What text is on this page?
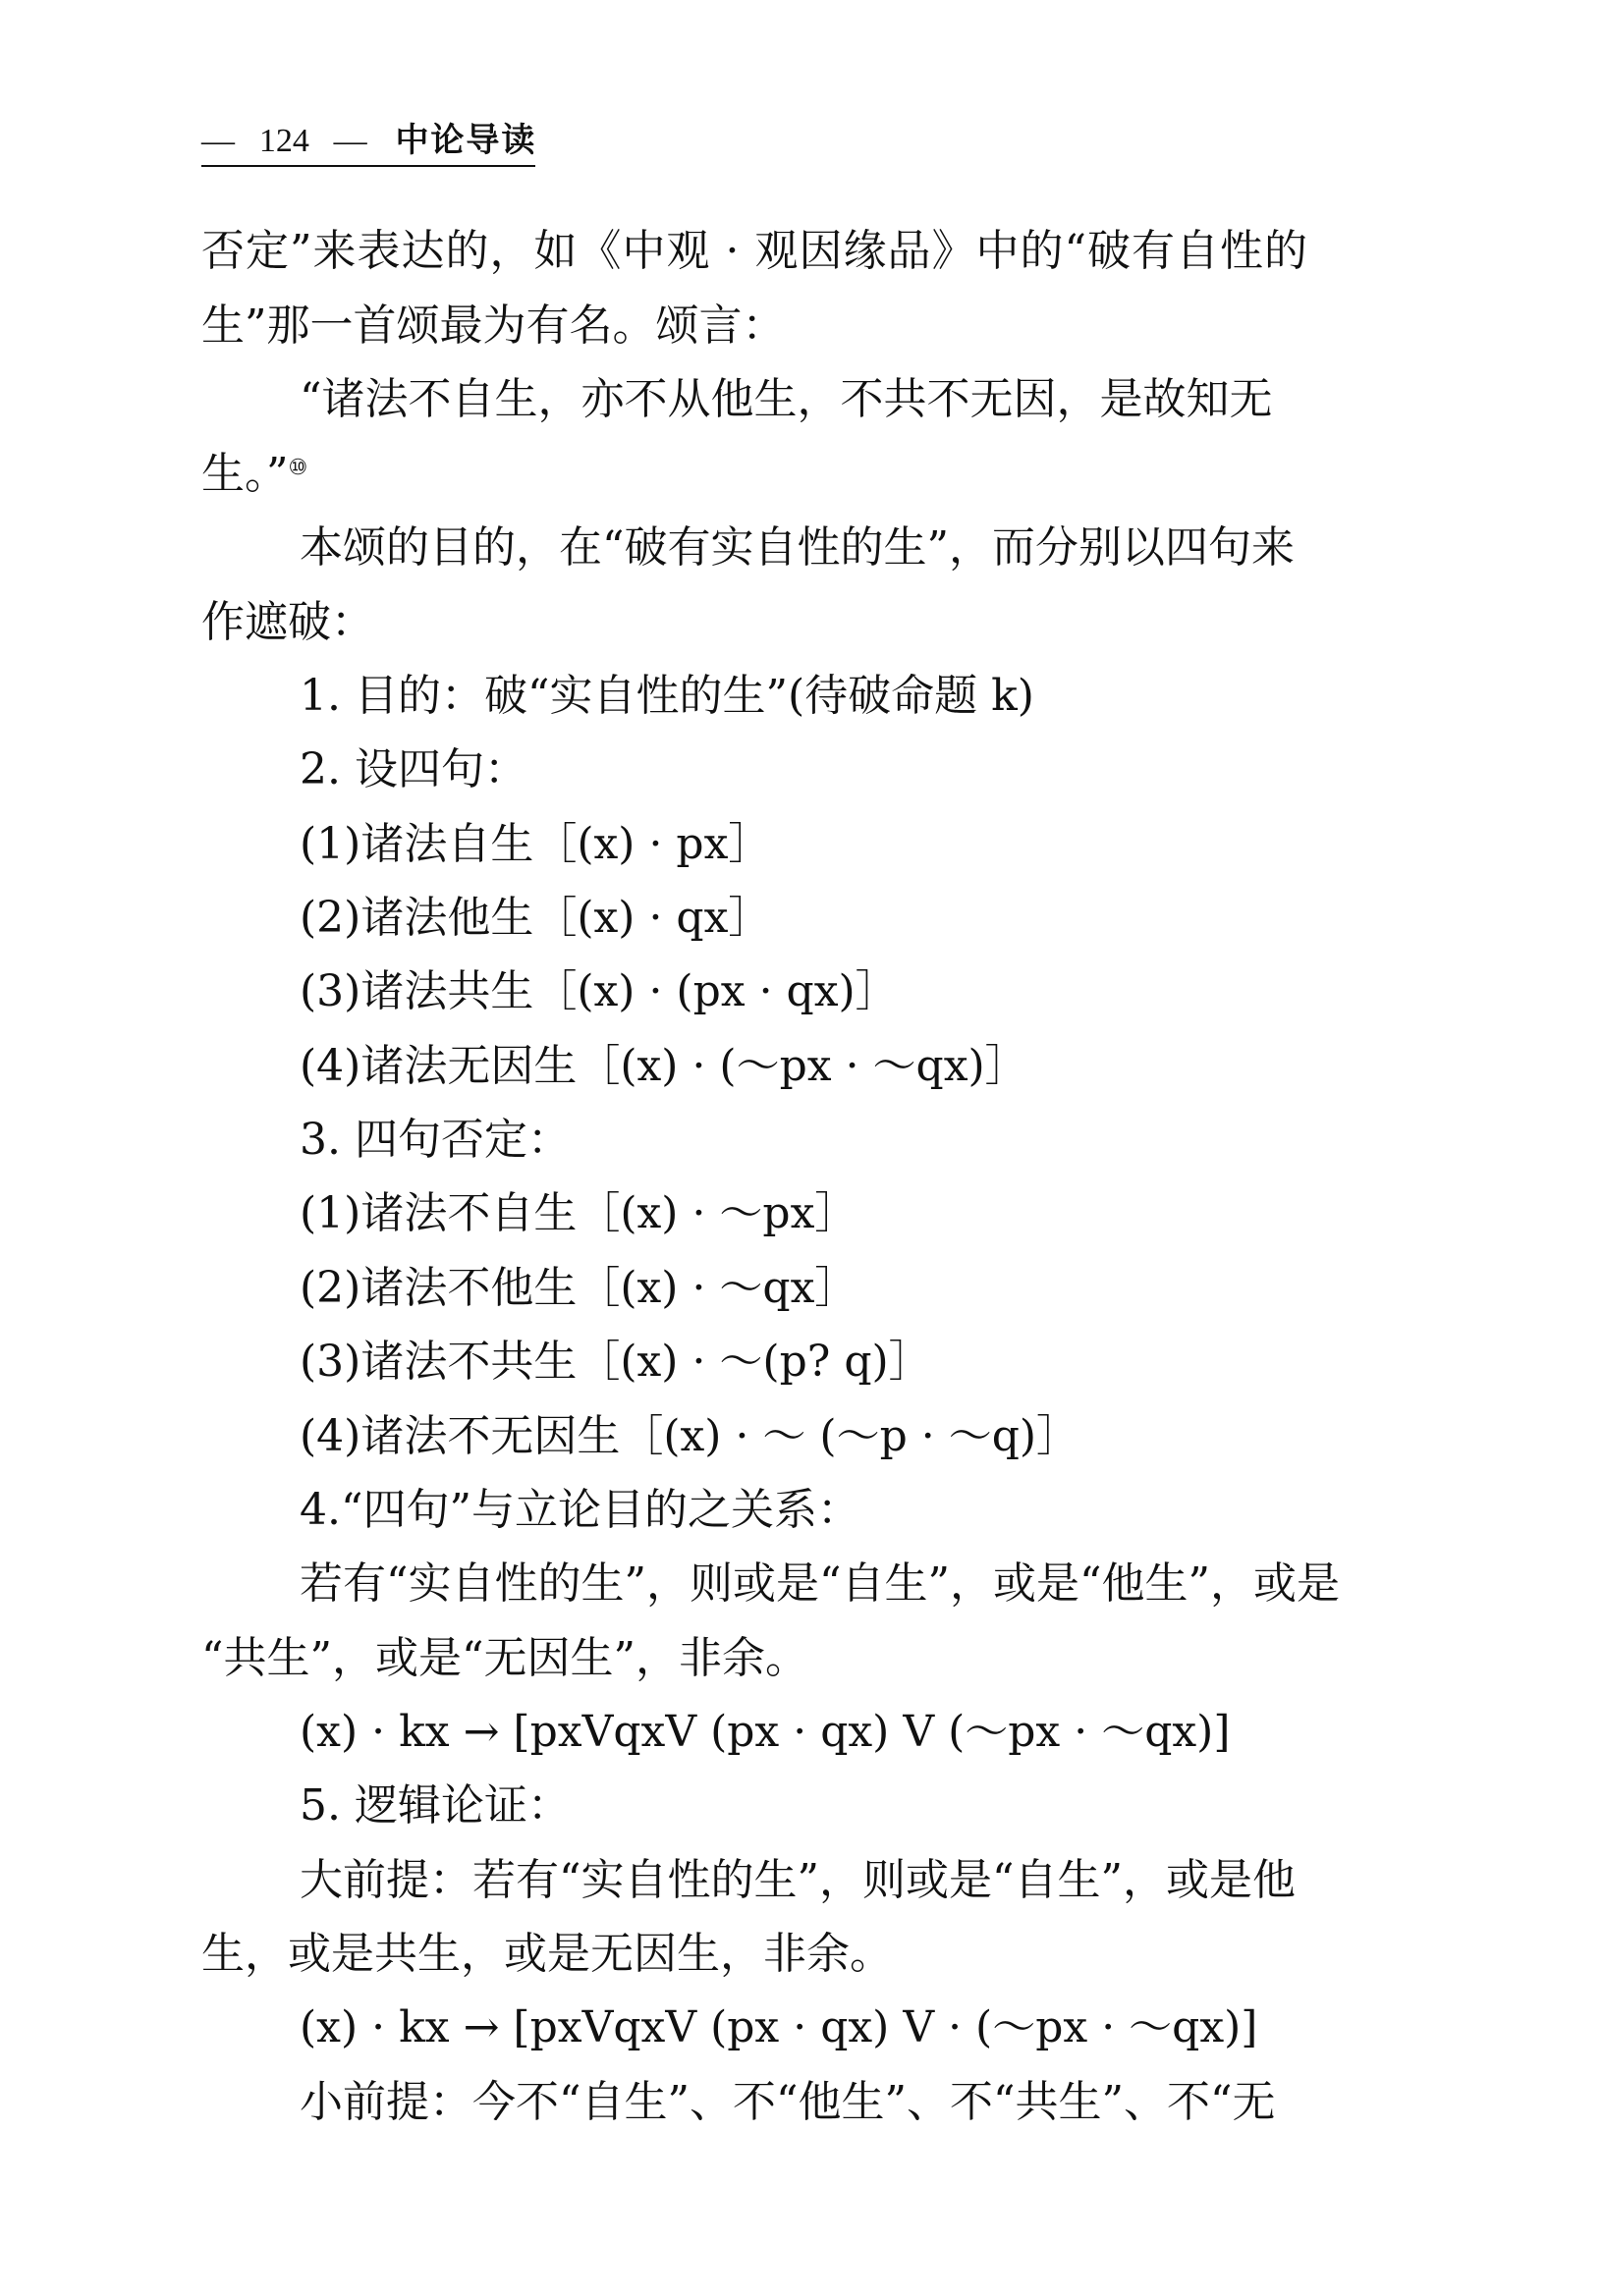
— 124 — 中论导读
否定”来表达的，如《中观 · 观因缘品》中的“破有自性的
生”那一首颂最为有名。颂言：
“诸法不自生，亦不从他生，不共不无因，是故知无
生。”⑩
本颂的目的，在“破有实自性的生”，而分别以四句来
作遮破：
1. 目的：破“实自性的生”(待破命题 k)
2. 设四句：
(1)诸法自生［(x) · px］
(2)诸法他生［(x) · qx］
(3)诸法共生［(x) · (px · qx)］
(4)诸法无因生［(x) · (～px · ～qx)］
3. 四句否定：
(1)诸法不自生［(x) · ～px］
(2)诸法不他生［(x) · ～qx］
(3)诸法不共生［(x) · ～(p? q)］
(4)诸法不无因生［(x) · ～ (～p · ～q)］
4.“四句”与立论目的之关系：
若有“实自性的生”，则或是“自生”，或是“他生”，或是
“共生”，或是“无因生”，非余。
(x) · kx → [pxVqxV (px · qx) V (～px · ～qx)]
5. 逻辑论证：
大前提：若有“实自性的生”，则或是“自生”，或是他
生，或是共生，或是无因生，非余。
(x) · kx → [pxVqxV (px · qx) V · (～px · ～qx)]
小前提：今不“自生”、不“他生”、不“共生”、不“无
